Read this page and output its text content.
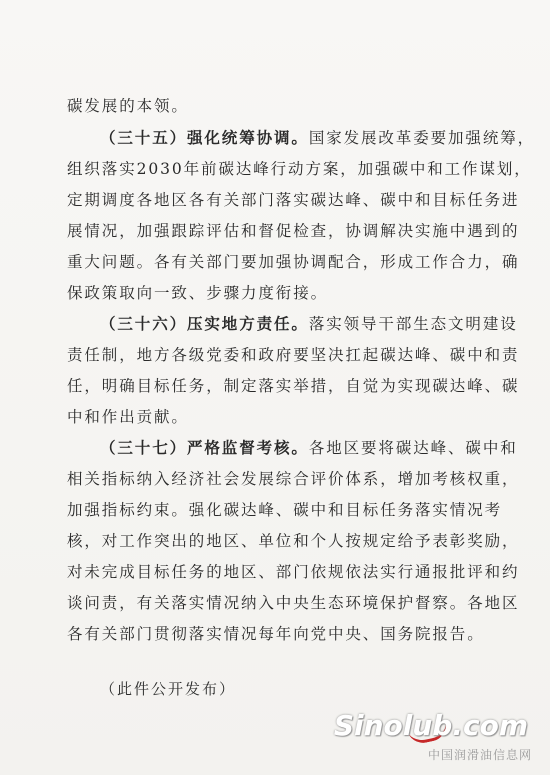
碳发展的本领。
（三十五）强化统筹协调。国家发展改革委要加强统筹，
组织落实2030年前碳达峰行动方案，加强碳中和工作谋划，
定期调度各地区各有关部门落实碳达峰、碳中和目标任务进
展情况，加强跟踪评估和督促检查，协调解决实施中遇到的
重大问题。各有关部门要加强协调配合，形成工作合力，确
保政策取向一致、步骤力度衔接。
（三十六）压实地方责任。落实领导干部生态文明建设
责任制，地方各级党委和政府要坚决扛起碳达峰、碳中和责
任，明确目标任务，制定落实举措，自觉为实现碳达峰、碳
中和作出贡献。
（三十七）严格监督考核。各地区要将碳达峰、碳中和
相关指标纳入经济社会发展综合评价体系，增加考核权重，
加强指标约束。强化碳达峰、碳中和目标任务落实情况考
核，对工作突出的地区、单位和个人按规定给予表彰奖励，
对未完成目标任务的地区、部门依规依法实行通报批评和约
谈问责，有关落实情况纳入中央生态环境保护督察。各地区
各有关部门贯彻落实情况每年向党中央、国务院报告。
（此件公开发布）
Sinolub.com
中国润滑油信息网
